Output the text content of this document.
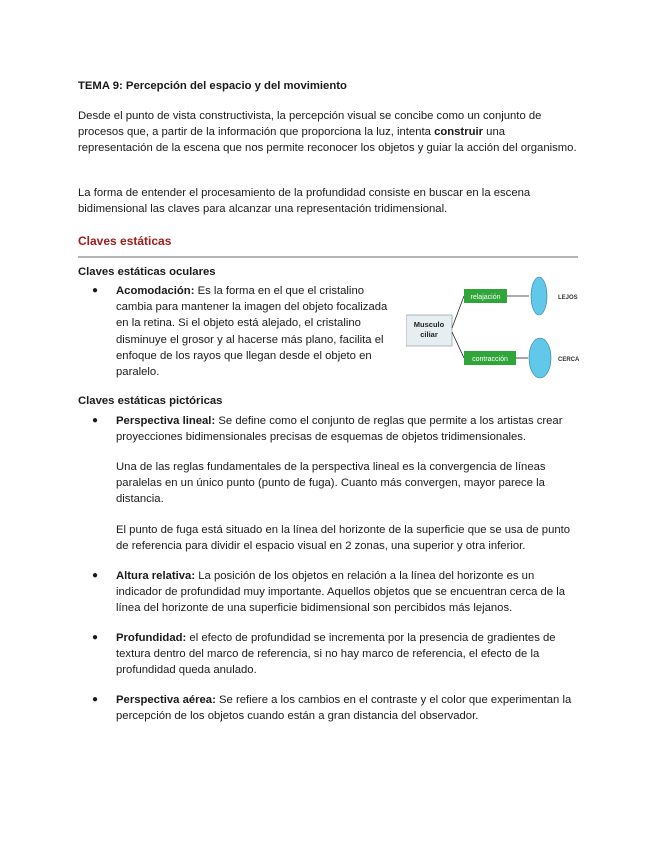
TEMA 9: Percepción del espacio y del movimiento

Desde el punto de vista constructivista, la percepción visual se concibe como un conjunto de procesos que, a partir de la información que proporciona la luz, intenta construir una representación de la escena que nos permite reconocer los objetos y guiar la acción del organismo.

La forma de entender el procesamiento de la profundidad consiste en buscar en la escena bidimensional las claves para alcanzar una representación tridimensional.

Claves estáticas

Claves estáticas oculares

● Acomodación: Es la forma en el que el cristalino cambia para mantener la imagen del objeto focalizada en la retina. Si el objeto está alejado, el cristalino disminuye el grosor y al hacerse más plano, facilita el enfoque de los rayos que llegan desde el objeto en paralelo.

Musculo
ciliar
relajación
contracción
LEJOS
CERCA

Claves estáticas pictóricas

● Perspectiva lineal: Se define como el conjunto de reglas que permite a los artistas crear proyecciones bidimensionales precisas de esquemas de objetos tridimensionales.

Una de las reglas fundamentales de la perspectiva lineal es la convergencia de líneas paralelas en un único punto (punto de fuga). Cuanto más convergen, mayor parece la distancia.

El punto de fuga está situado en la línea del horizonte de la superficie que se usa de punto de referencia para dividir el espacio visual en 2 zonas, una superior y otra inferior.

● Altura relativa: La posición de los objetos en relación a la línea del horizonte es un indicador de profundidad muy importante. Aquellos objetos que se encuentran cerca de la línea del horizonte de una superficie bidimensional son percibidos más lejanos.

● Profundidad: el efecto de profundidad se incrementa por la presencia de gradientes de textura dentro del marco de referencia, si no hay marco de referencia, el efecto de la profundidad queda anulado.

● Perspectiva aérea: Se refiere a los cambios en el contraste y el color que experimentan la percepción de los objetos cuando están a gran distancia del observador.
